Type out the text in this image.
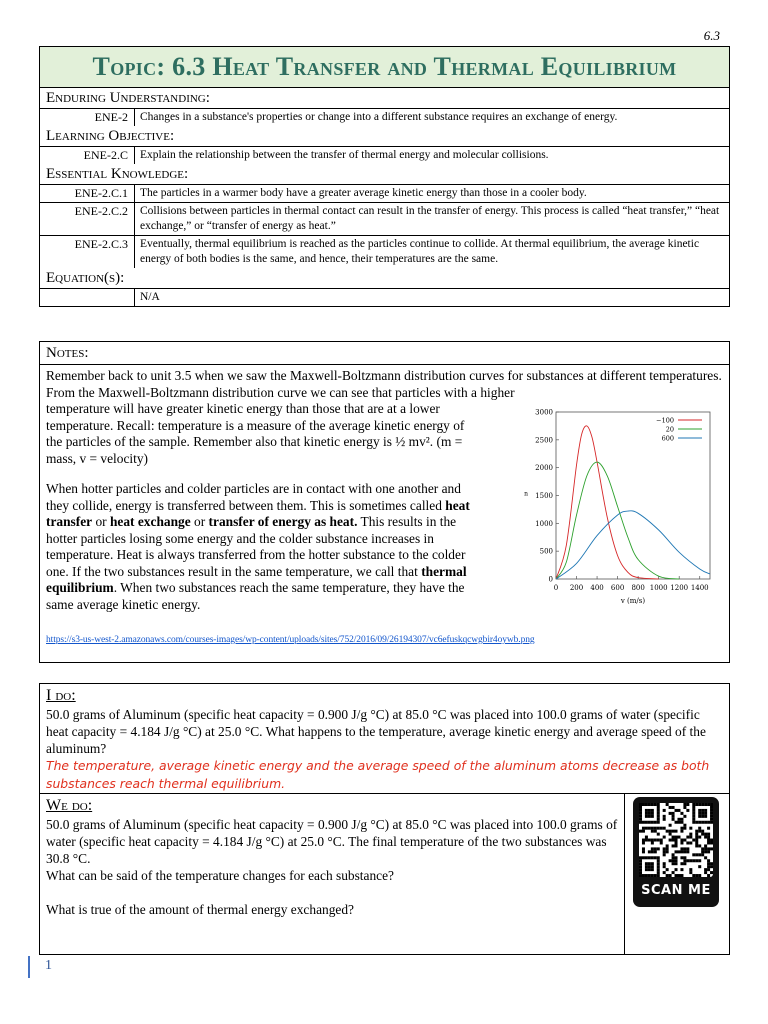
6.3
Topic: 6.3 Heat Transfer and Thermal Equilibrium
Enduring Understanding:
ENE-2	Changes in a substance's properties or change into a different substance requires an exchange of energy.
Learning Objective:
ENE-2.C	Explain the relationship between the transfer of thermal energy and molecular collisions.
Essential Knowledge:
ENE-2.C.1	The particles in a warmer body have a greater average kinetic energy than those in a cooler body.
ENE-2.C.2	Collisions between particles in thermal contact can result in the transfer of energy. This process is called “heat transfer,” “heat exchange,” or “transfer of energy as heat.”
ENE-2.C.3	Eventually, thermal equilibrium is reached as the particles continue to collide. At thermal equilibrium, the average kinetic energy of both bodies is the same, and hence, their temperatures are the same.
Equation(s):
N/A
Notes:

Remember back to unit 3.5 when we saw the Maxwell-Boltzmann distribution curves for substances at different temperatures. From the Maxwell-Boltzmann distribution curve we can see that particles with a higher

temperature will have greater kinetic energy than those that are at a lower temperature. Recall: temperature is a measure of the average kinetic energy of the particles of the sample. Remember also that kinetic energy is ½ mv². (m = mass, v = velocity)

When hotter particles and colder particles are in contact with one another and they collide, energy is transferred between them. This is sometimes called heat transfer or heat exchange or transfer of energy as heat. This results in the hotter particles losing some energy and the colder substance increases in temperature. Heat is always transferred from the hotter substance to the colder one. If the two substances result in the same temperature, we call that thermal equilibrium. When two substances reach the same temperature, they have the same average kinetic energy.

0 200 400 600 800 1000 1200 1400
0
500
1000
1500
2000
2500
3000
v (m/s)
n
−100
20
600
https://s3-us-west-2.amazonaws.com/courses-images/wp-content/uploads/sites/752/2016/09/26194307/vc6efuskqcwgbir4oywb.png
I do:
50.0 grams of Aluminum (specific heat capacity = 0.900 J/g °C) at 85.0 °C was placed into 100.0 grams of water (specific heat capacity = 4.184 J/g °C) at 25.0 °C. What happens to the temperature, average kinetic energy and average speed of the aluminum?
The temperature, average kinetic energy and the average speed of the aluminum atoms decrease as both substances reach thermal equilibrium.
We do:

50.0 grams of Aluminum (specific heat capacity = 0.900 J/g °C) at 85.0 °C was placed into 100.0 grams of water (specific heat capacity = 4.184 J/g °C) at 25.0 °C. The final temperature of the two substances was 30.8 °C.

What can be said of the temperature changes for each substance?

What is true of the amount of thermal energy exchanged?

SCAN ME
1
